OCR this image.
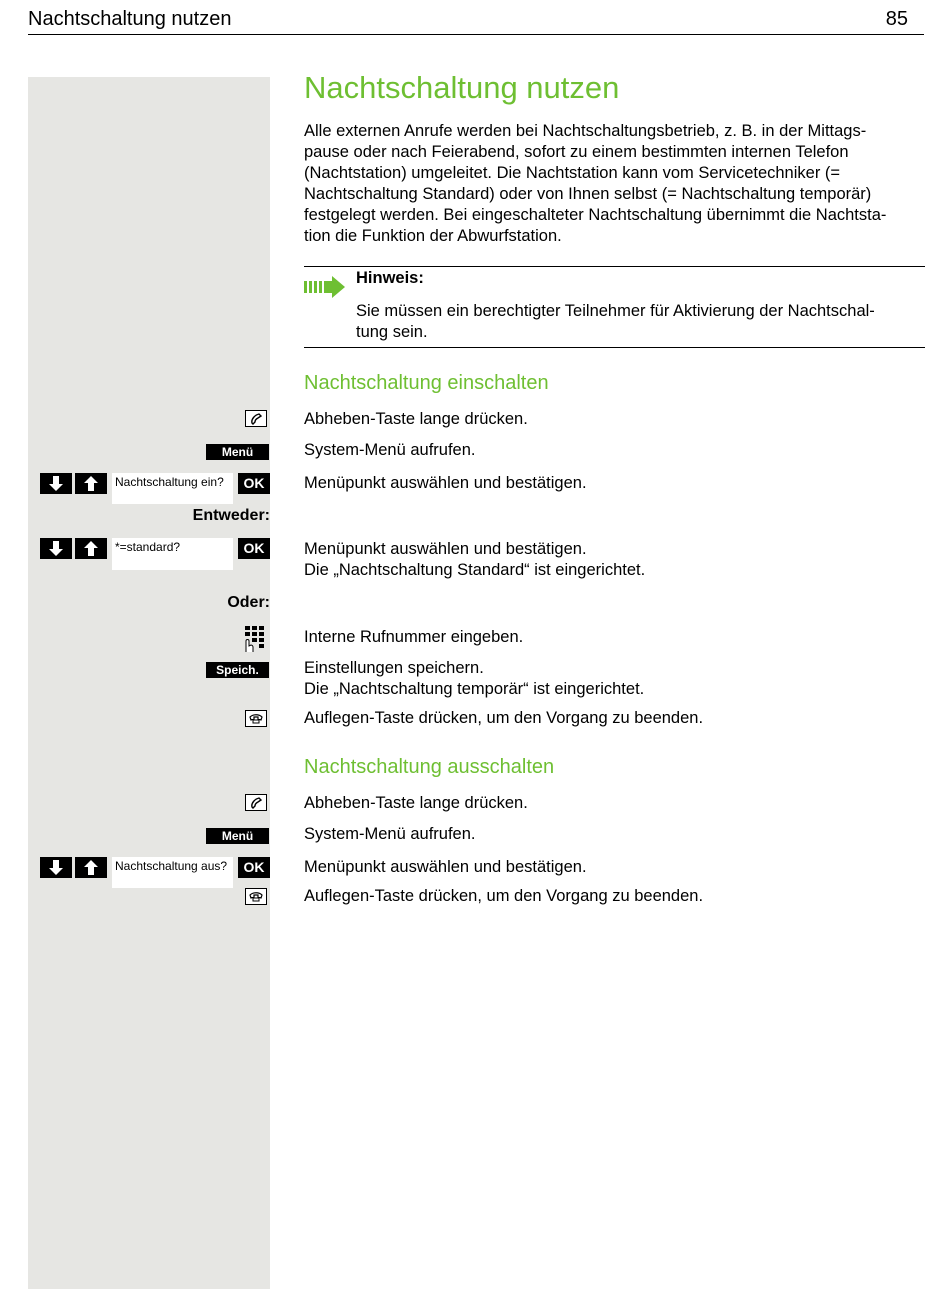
Nachtschaltung nutzen	85
Nachtschaltung nutzen
Alle externen Anrufe werden bei Nachtschaltungsbetrieb, z. B. in der Mittags-
pause oder nach Feierabend, sofort zu einem bestimmten internen Telefon
(Nachtstation) umgeleitet. Die Nachtstation kann vom Servicetechniker (=
Nachtschaltung Standard) oder von Ihnen selbst (= Nachtschaltung temporär)
festgelegt werden. Bei eingeschalteter Nachtschaltung übernimmt die Nachtsta-
tion die Funktion der Abwurfstation.
Hinweis:
Sie müssen ein berechtigter Teilnehmer für Aktivierung der Nachtschal-
tung sein.
Nachtschaltung einschalten
Abheben-Taste lange drücken.
Menü	System-Menü aufrufen.
Nachtschaltung ein?	OK	Menüpunkt auswählen und bestätigen.
Entweder:
*=standard?	OK	Menüpunkt auswählen und bestätigen.
Die „Nachtschaltung Standard“ ist eingerichtet.
Oder:
Interne Rufnummer eingeben.
Speich.	Einstellungen speichern.
Die „Nachtschaltung temporär“ ist eingerichtet.
Auflegen-Taste drücken, um den Vorgang zu beenden.
Nachtschaltung ausschalten
Abheben-Taste lange drücken.
Menü	System-Menü aufrufen.
Nachtschaltung aus?	OK	Menüpunkt auswählen und bestätigen.
Auflegen-Taste drücken, um den Vorgang zu beenden.
